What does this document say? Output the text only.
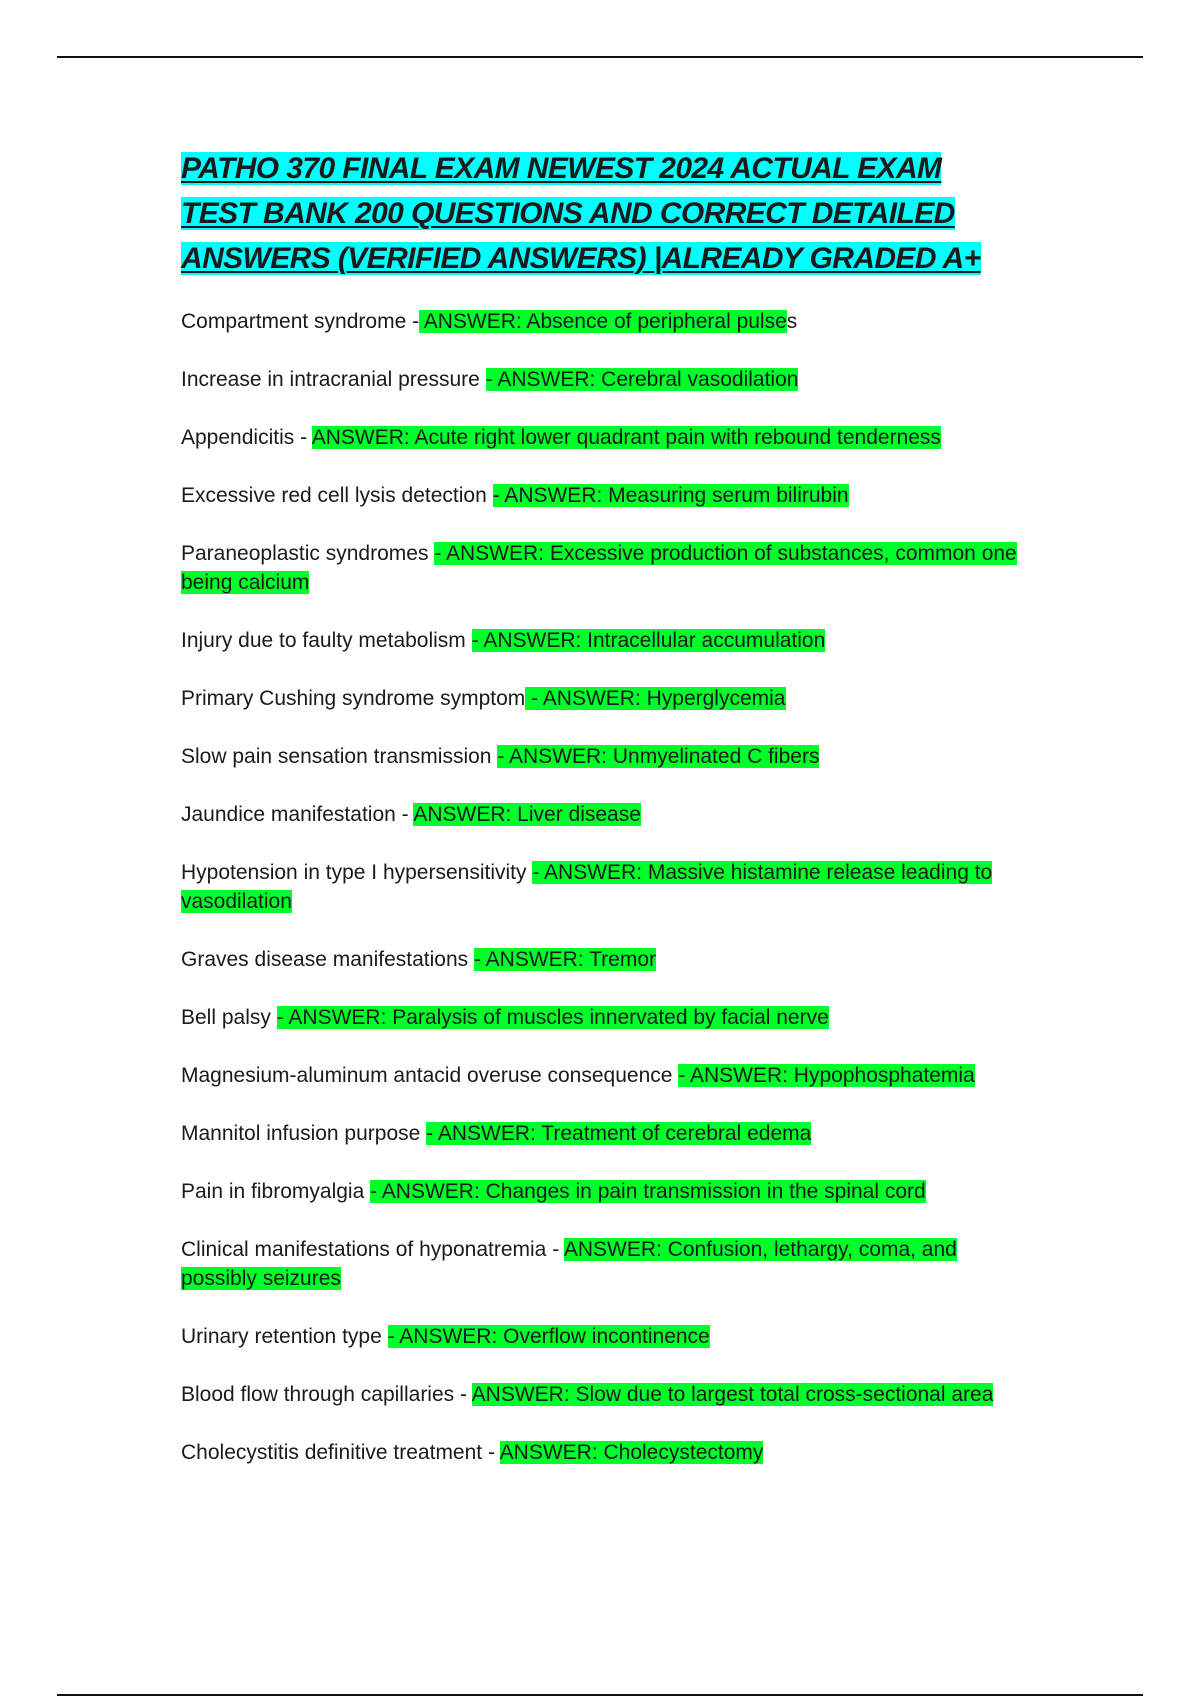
PATHO 370 FINAL EXAM NEWEST 2024 ACTUAL EXAM TEST BANK 200 QUESTIONS AND CORRECT DETAILED ANSWERS (VERIFIED ANSWERS) |ALREADY GRADED A+
Compartment syndrome - ANSWER: Absence of peripheral pulses
Increase in intracranial pressure - ANSWER: Cerebral vasodilation
Appendicitis - ANSWER: Acute right lower quadrant pain with rebound tenderness
Excessive red cell lysis detection - ANSWER: Measuring serum bilirubin
Paraneoplastic syndromes - ANSWER: Excessive production of substances, common one being calcium
Injury due to faulty metabolism - ANSWER: Intracellular accumulation
Primary Cushing syndrome symptom - ANSWER: Hyperglycemia
Slow pain sensation transmission - ANSWER: Unmyelinated C fibers
Jaundice manifestation - ANSWER: Liver disease
Hypotension in type I hypersensitivity - ANSWER: Massive histamine release leading to vasodilation
Graves disease manifestations - ANSWER: Tremor
Bell palsy - ANSWER: Paralysis of muscles innervated by facial nerve
Magnesium-aluminum antacid overuse consequence - ANSWER: Hypophosphatemia
Mannitol infusion purpose - ANSWER: Treatment of cerebral edema
Pain in fibromyalgia - ANSWER: Changes in pain transmission in the spinal cord
Clinical manifestations of hyponatremia - ANSWER: Confusion, lethargy, coma, and possibly seizures
Urinary retention type - ANSWER: Overflow incontinence
Blood flow through capillaries - ANSWER: Slow due to largest total cross-sectional area
Cholecystitis definitive treatment - ANSWER: Cholecystectomy
